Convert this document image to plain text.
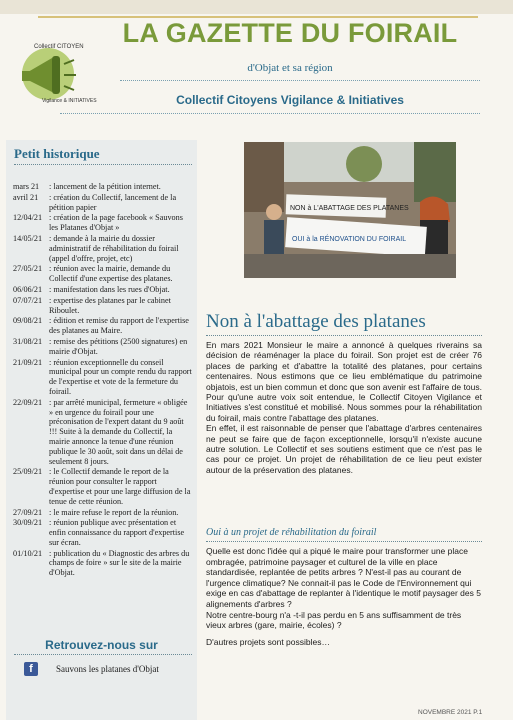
Collectif CITOYEN
Vigilance & INITIATIVES
LA GAZETTE DU FOIRAIL
d'Objat et sa région
Collectif Citoyens Vigilance & Initiatives
Petit historique
mars 21	: lancement de la pétition internet.
avril 21	: création du Collectif, lancement de la pétition papier
12/04/21 : création de la page facebook « Sauvons les Platanes d'Objat »
14/05/21 : demande à la mairie du dossier administratif de réhabilitation du foirail (appel d'offre, projet, etc)
27/05/21 : réunion avec la mairie, demande du Collectif d'une expertise des platanes.
06/06/21 : manifestation dans les rues d'Objat.
07/07/21 : expertise des platanes par le cabinet Riboulet.
09/08/21 : édition et remise du rapport de l'expertise des platanes au Maire.
31/08/21 : remise des pétitions (2500 signatures) en mairie d'Objat.
21/09/21 : réunion exceptionnelle du conseil municipal pour un compte rendu du rapport de l'expertise et vote de la fermeture du foirail.
22/09/21 : par arrêté municipal, fermeture « obligée » en urgence du foirail pour une préconisation de l'expert datant du 9 août !!! Suite à la demande du Collectif, la mairie annonce la tenue d'une réunion publique le 30 août, soit dans un délai de seulement 8 jours.
25/09/21 : le Collectif demande le report de la réunion pour consulter le rapport d'expertise et pour une large diffusion de la tenue de cette réunion.
27/09/21 : le maire refuse le report de la réunion.
30/09/21 : réunion publique avec présentation et enfin connaissance du rapport d'expertise sur écran.
01/10/21 : publication du « Diagnostic des arbres du champs de foire » sur le site de la mairie d'Objat.
Retrouvez-nous sur
f	Sauvons les platanes d'Objat
NON à L'ABATTAGE DES PLATANES
OUI à la RÉNOVATION DU FOIRAIL
Non à l'abattage des platanes

En mars 2021 Monsieur le maire a annoncé à quelques riverains sa décision de réaménager la place du foirail. Son projet est de créer 76 places de parking et d'abattre la totalité des platanes, pour certains centenaires. Nous estimons que ce lieu emblématique du patrimoine objatois, est un bien commun et donc que son avenir est l'affaire de tous. Pour qu'une autre voix soit entendue, le Collectif Citoyen Vigilance et Initiatives s'est constitué et mobilisé. Nous sommes pour la réhabilitation du foirail, mais contre l'abattage des platanes.

En effet, il est raisonnable de penser que l'abattage d'arbres centenaires ne peut se faire que de façon exceptionnelle, lorsqu'il n'existe aucune autre solution. Le Collectif et ses soutiens estiment que ce n'est pas le cas pour ce projet. Un projet de réhabilitation de ce lieu peut exister autour de la préservation des platanes.

Oui à un projet de réhabilitation du foirail

Quelle est donc l'idée qui a piqué le maire pour transformer une place ombragée, patrimoine paysager et culturel de la ville en place standardisée, replantée de petits arbres ? N'est-il pas au courant de l'urgence climatique? Ne connait-il pas le Code de l'Environnement qui exige en cas d'abattage de replanter à l'identique le motif paysager des 5 alignements d'arbres ?

Notre centre-bourg n'a -t-il pas perdu en 5 ans suffisamment de très vieux arbres (gare, mairie, écoles) ?

D'autres projets sont possibles…

NOVEMBRE 2021 P.1
